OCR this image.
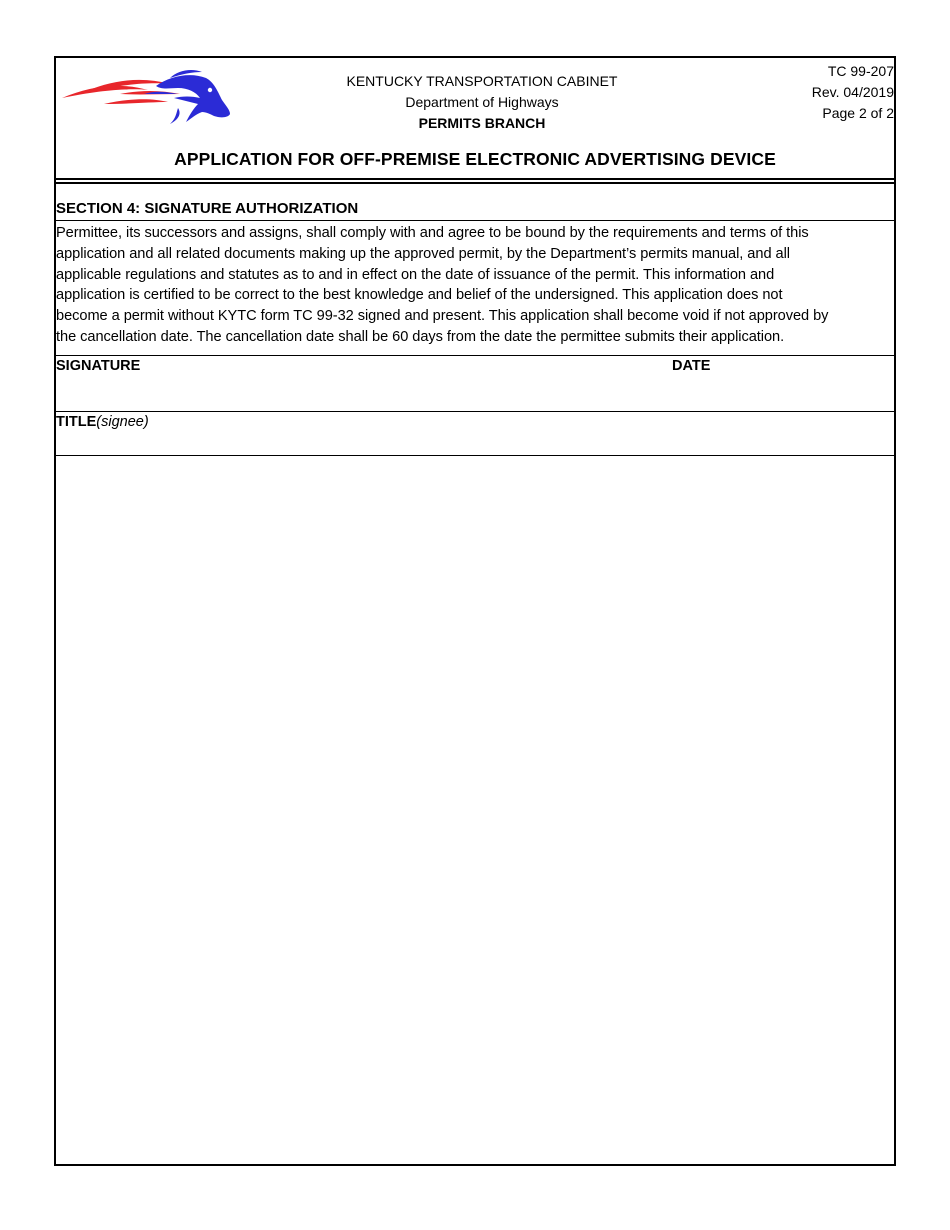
KENTUCKY TRANSPORTATION CABINET
Department of Highways
PERMITS BRANCH
TC 99-207
Rev. 04/2019
Page 2 of 2
APPLICATION FOR OFF-PREMISE ELECTRONIC ADVERTISING DEVICE
SECTION 4: SIGNATURE AUTHORIZATION
Permittee, its successors and assigns, shall comply with and agree to be bound by the requirements and terms of this
application and all related documents making up the approved permit, by the Department’s permits manual, and all
applicable regulations and statutes as to and in effect on the date of issuance of the permit. This information and
application is certified to be correct to the best knowledge and belief of the undersigned. This application does not
become a permit without KYTC form TC 99-32 signed and present. This application shall become void if not approved by
the cancellation date. The cancellation date shall be 60 days from the date the permittee submits their application.
SIGNATURE	DATE
TITLE(signee)
